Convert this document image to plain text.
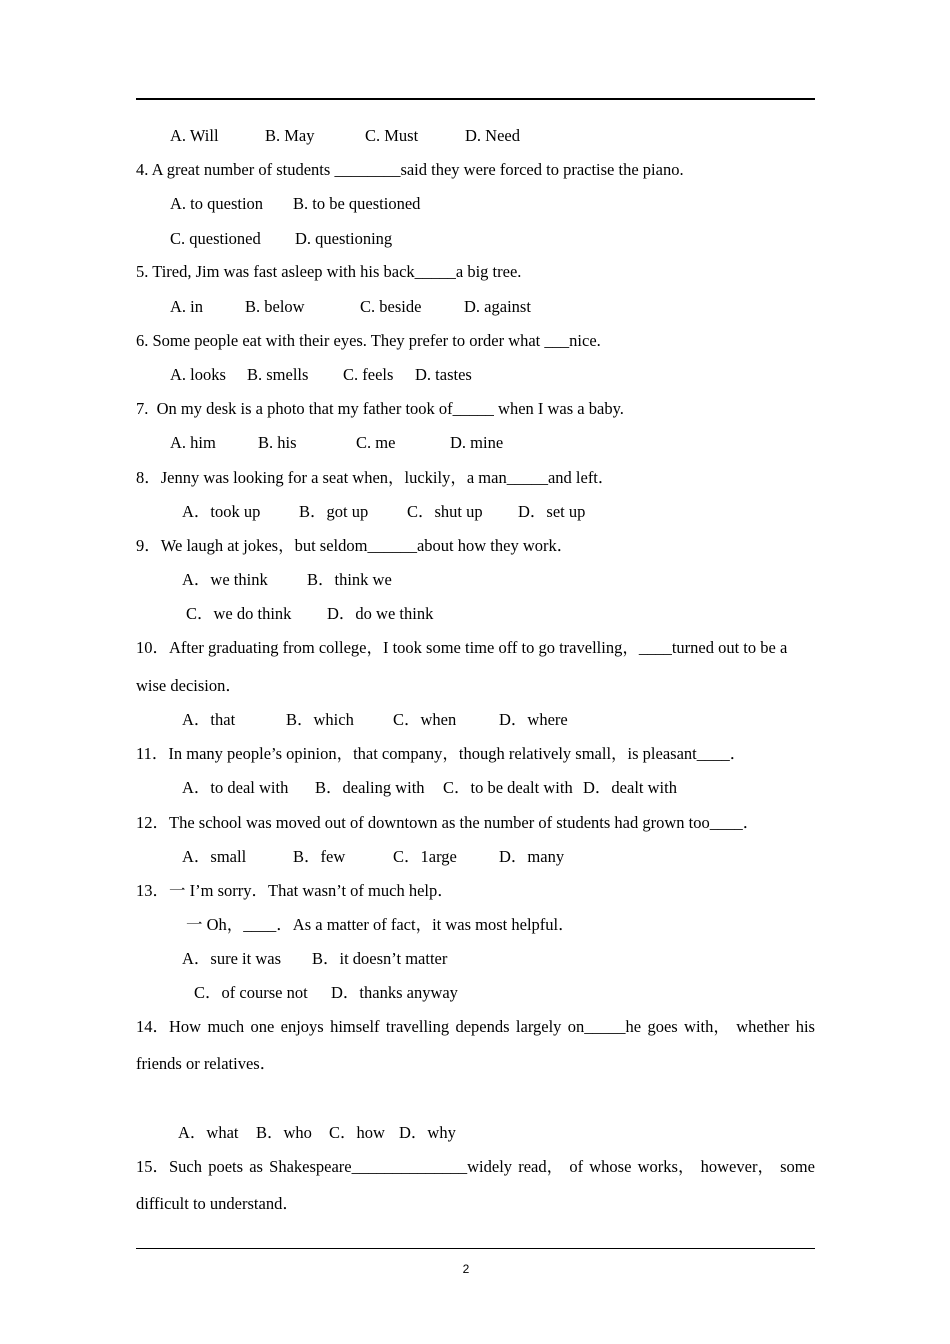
A. Will	B. May	C. Must	D. Need
4. A great number of students ________said they were forced to practise the piano.
A. to question B. to be questioned
C. questioned D. questioning
5. Tired, Jim was fast asleep with his back_____a big tree.
A. in	B. below	C. beside	D. against
6. Some people eat with their eyes. They prefer to order what ___nice.
A. looks B. smells C. feels D. tastes
7.  On my desk is a photo that my father took of_____ when I was a baby.
A. him	B. his	C. me	D. mine
8．Jenny was looking for a seat when，luckily，a man_____and left．
A．took up B．got up C．shut up D．set up
9．We laugh at jokes，but seldom______about how they work．
A．we think B．think we
C．we do think D．do we think
10．After graduating from college，I took some time off to go travelling，____turned out to be a
wise decision．
A．that	B．which C．when	D．where
11．In many people’s opinion，that company，though relatively small，is pleasant____．
A．to deal with B．dealing with C．to be dealt with D．dealt with
12．The school was moved out of downtown as the number of students had grown too____．
A．small	B．few	C．1arge	D．many
13．一 I’m sorry．That wasn’t of much help．
一 Oh，____．As a matter of fact，it was most helpful．
A．sure it was B．it doesn’t matter
C．of course not D．thanks anyway
14．How much one enjoys himself travelling depends largely on_____he goes with， whether his
friends or relatives．
A．what B．who C．how D．why
15．Such poets as Shakespeare______________widely read， of whose works， however， some
difficult to understand．
2
